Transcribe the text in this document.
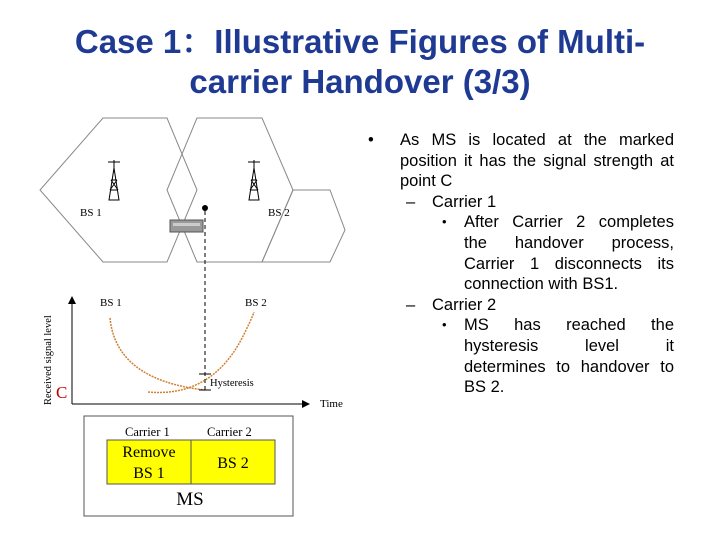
Case 1：Illustrative Figures of Multi-
carrier Handover (3/3)
BS 1	BS 2
Received signal level	Time
BS 1	BS 2
Hysteresis
C
Carrier 1	Carrier 2
Remove
BS 1
BS 2
MS
• As MS is located at the marked position it has the signal strength at point C
– Carrier 1
• After Carrier 2 completes the handover process, Carrier 1 disconnects its connection with BS1.
– Carrier 2
• MS has reached the hysteresis level it determines to handover to BS 2.
